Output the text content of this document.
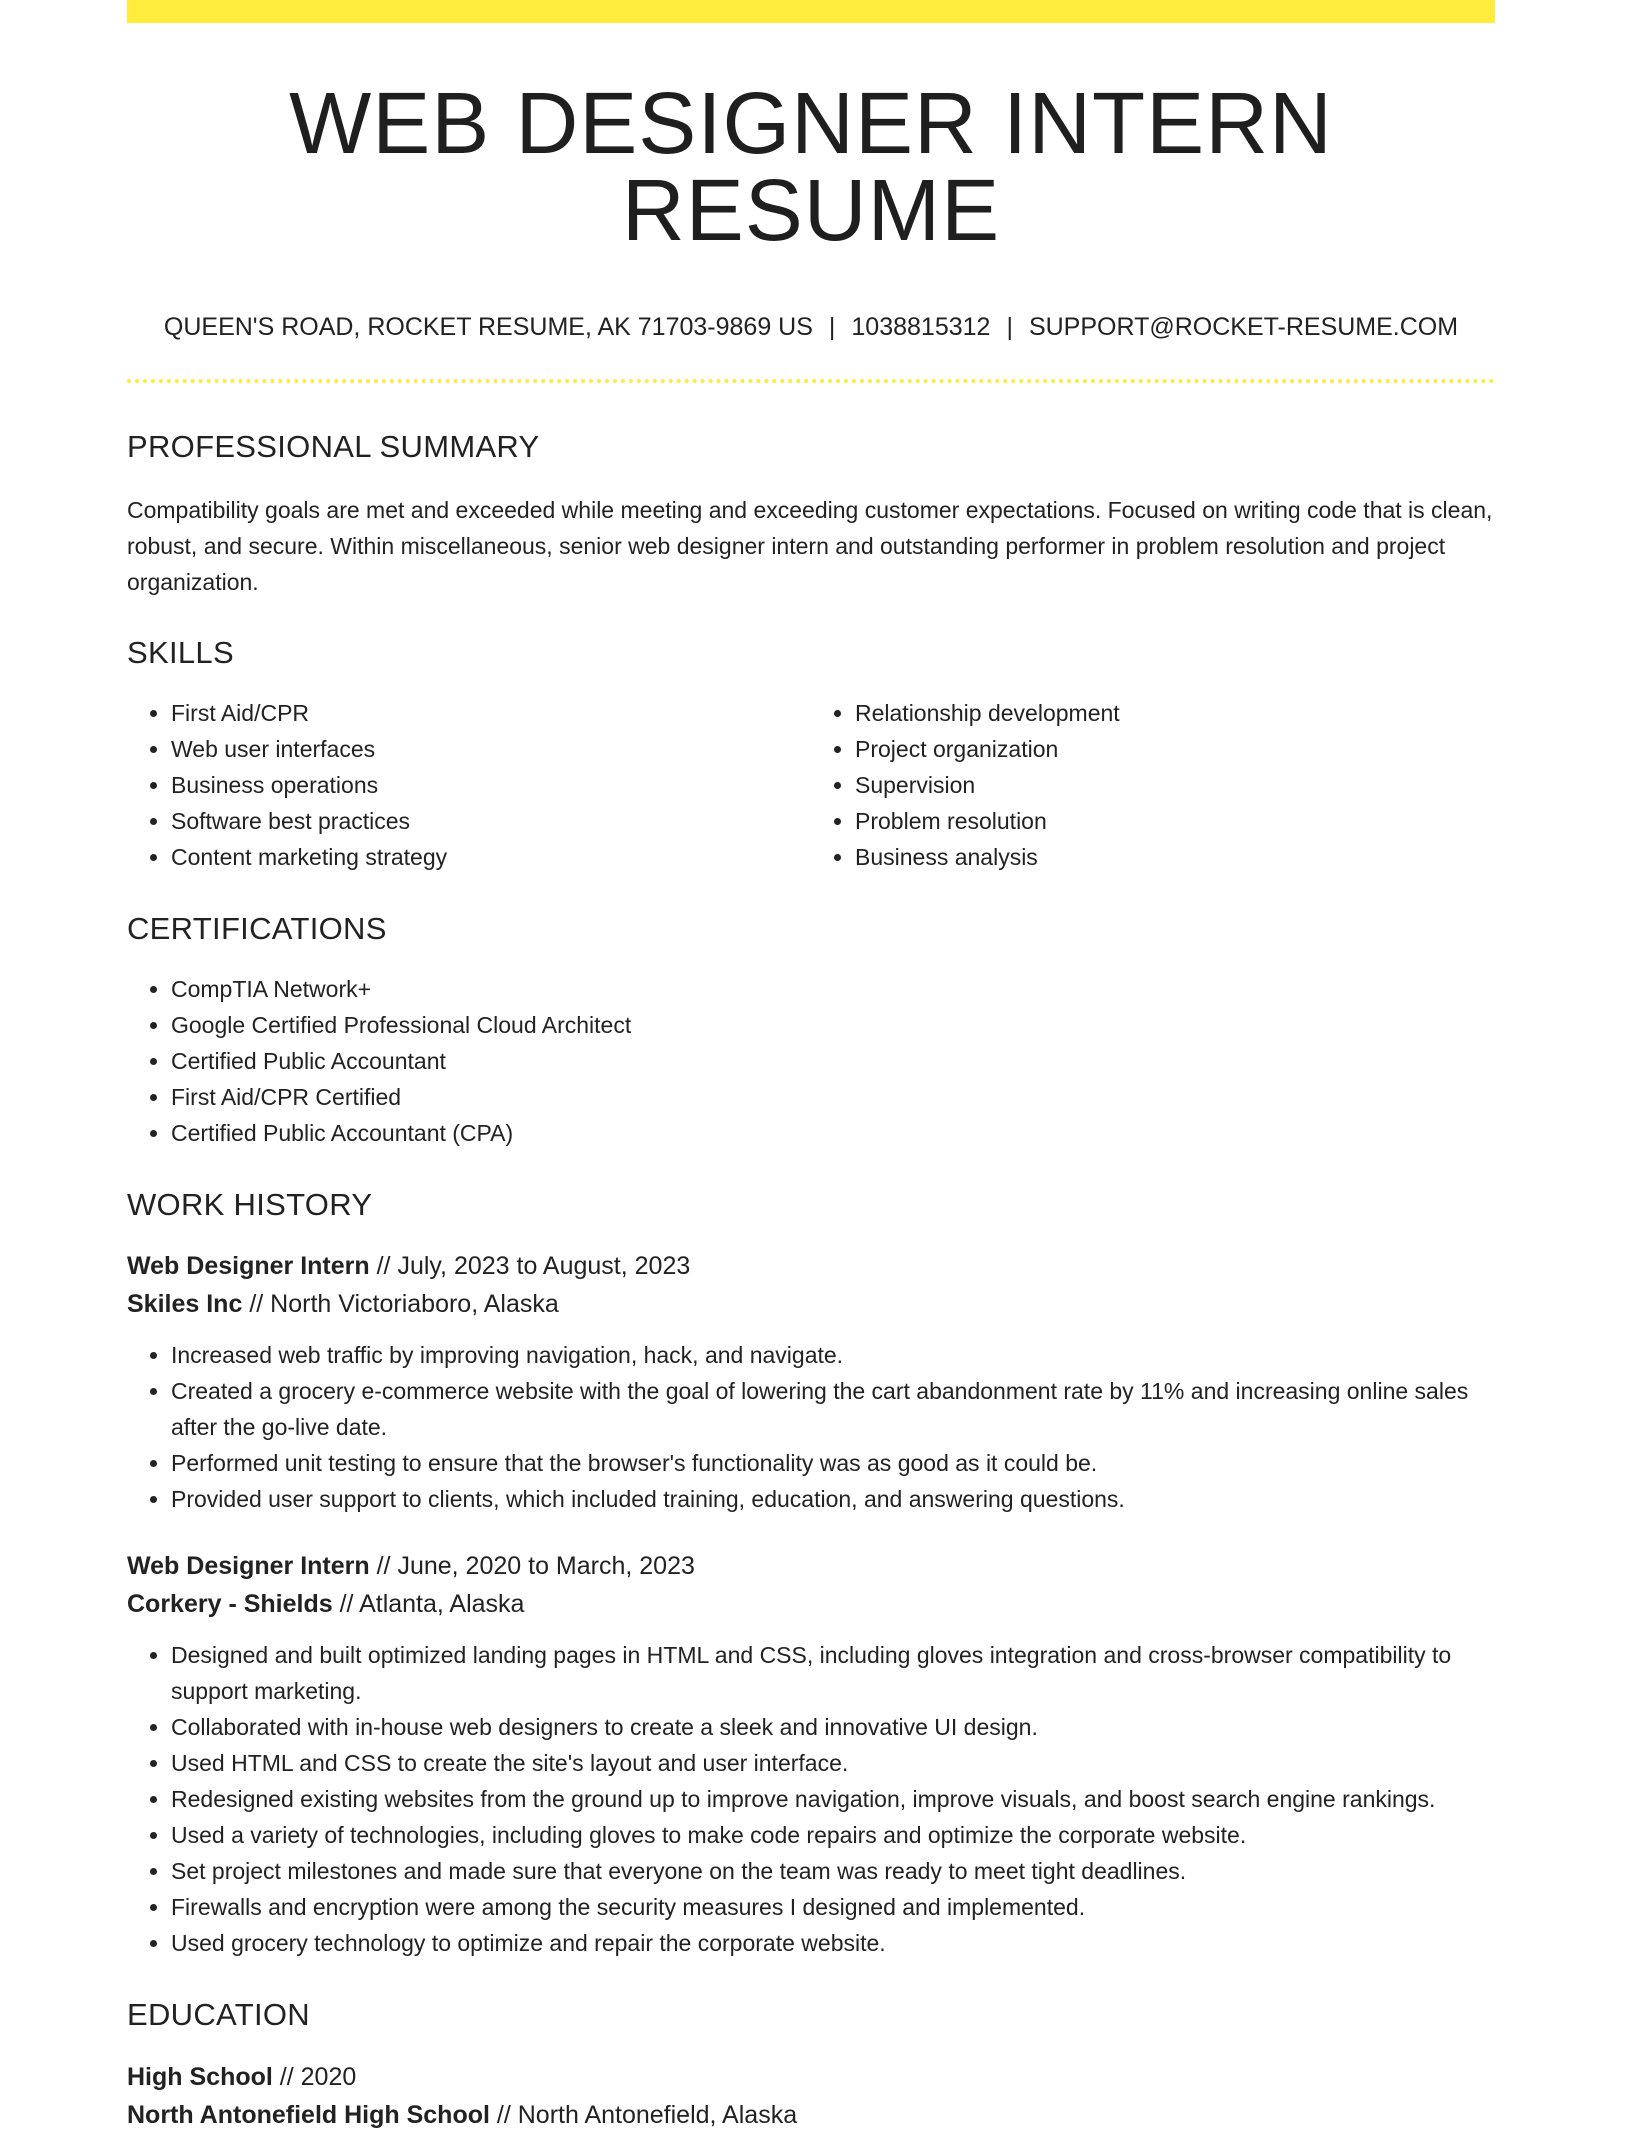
WEB DESIGNER INTERN RESUME
QUEEN'S ROAD, ROCKET RESUME, AK 71703-9869 US | 1038815312 | SUPPORT@ROCKET-RESUME.COM
PROFESSIONAL SUMMARY

Compatibility goals are met and exceeded while meeting and exceeding customer expectations. Focused on writing code that is clean, robust, and secure. Within miscellaneous, senior web designer intern and outstanding performer in problem resolution and project organization.

SKILLS
• First Aid/CPR
• Web user interfaces
• Business operations
• Software best practices
• Content marketing strategy
• Relationship development
• Project organization
• Supervision
• Problem resolution
• Business analysis
CERTIFICATIONS
• CompTIA Network+
• Google Certified Professional Cloud Architect
• Certified Public Accountant
• First Aid/CPR Certified
• Certified Public Accountant (CPA)
WORK HISTORY
Web Designer Intern // July, 2023 to August, 2023
Skiles Inc // North Victoriaboro, Alaska
• Increased web traffic by improving navigation, hack, and navigate.
• Created a grocery e-commerce website with the goal of lowering the cart abandonment rate by 11% and increasing online sales after the go-live date.
• Performed unit testing to ensure that the browser's functionality was as good as it could be.
• Provided user support to clients, which included training, education, and answering questions.
Web Designer Intern // June, 2020 to March, 2023
Corkery - Shields // Atlanta, Alaska
• Designed and built optimized landing pages in HTML and CSS, including gloves integration and cross-browser compatibility to support marketing.
• Collaborated with in-house web designers to create a sleek and innovative UI design.
• Used HTML and CSS to create the site's layout and user interface.
• Redesigned existing websites from the ground up to improve navigation, improve visuals, and boost search engine rankings.
• Used a variety of technologies, including gloves to make code repairs and optimize the corporate website.
• Set project milestones and made sure that everyone on the team was ready to meet tight deadlines.
• Firewalls and encryption were among the security measures I designed and implemented.
• Used grocery technology to optimize and repair the corporate website.
EDUCATION
High School // 2020
North Antonefield High School // North Antonefield, Alaska
